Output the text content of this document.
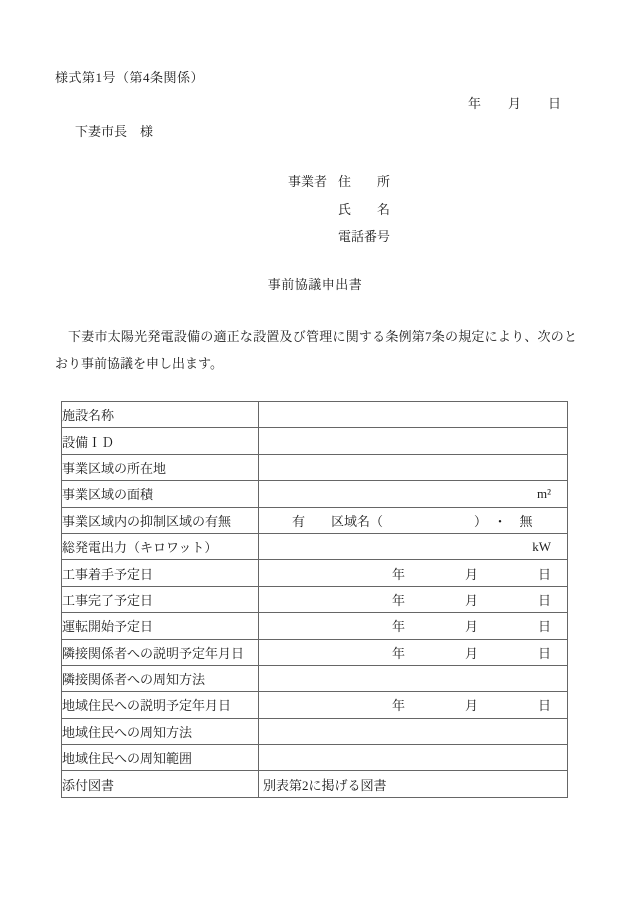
様式第1号（第4条関係）
年 月 日
下妻市長　様
事業者 住　　所
氏　　名
電話番号
事前協議申出書
下妻市太陽光発電設備の適正な設置及び管理に関する条例第7条の規定により、次のとおり事前協議を申し出ます。
施設名称	
設備ＩＤ	
事業区域の所在地	
事業区域の面積	m²
事業区域内の抑制区域の有無	有　　区域名（　　　　　　　）　・　無
総発電出力（キロワット）	kW
工事着手予定日	年 月 日

工事完了予定日	年 月 日

運転開始予定日	年 月 日

隣接関係者への説明予定年月日	年 月 日

隣接関係者への周知方法	
地域住民への説明予定年月日	年 月 日

地域住民への周知方法	
地域住民への周知範囲	
添付図書	別表第2に掲げる図書
